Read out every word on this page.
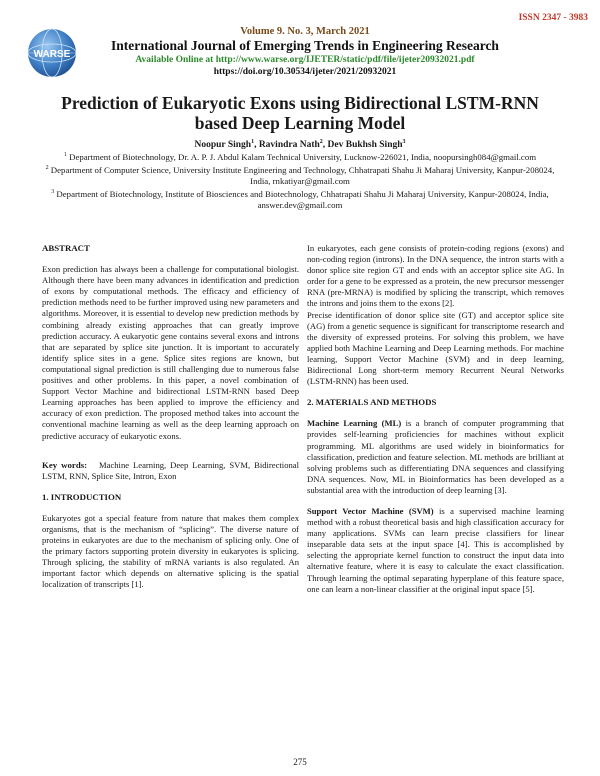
ISSN 2347 - 3983
WARSE
Volume 9. No. 3, March 2021
International Journal of Emerging Trends in Engineering Research
Available Online at http://www.warse.org/IJETER/static/pdf/file/ijeter20932021.pdf
https://doi.org/10.30534/ijeter/2021/20932021
Prediction of Eukaryotic Exons using Bidirectional LSTM-RNN
based Deep Learning Model
Noopur Singh$^1$, Ravindra Nath$^2$, Dev Bukhsh Singh$^3$

$^1$ Department of Biotechnology, Dr. A. P. J. Abdul Kalam Technical University, Lucknow-226021, India, noopursingh084@gmail.com

$^2$ Department of Computer Science, University Institute Engineering and Technology, Chhatrapati Shahu Ji Maharaj University, Kanpur-208024, India, rnkatiyar@gmail.com

$^3$ Department of Biotechnology, Institute of Biosciences and Biotechnology, Chhatrapati Shahu Ji Maharaj University, Kanpur-208024, India, answer.dev@gmail.com

ABSTRACT

Exon prediction has always been a challenge for computational biologist. Although there have been many advances in identification and prediction of exons by computational methods. The efficacy and efficiency of prediction methods need to be further improved using new parameters and algorithms. Moreover, it is essential to develop new prediction methods by combining already existing approaches that can greatly improve prediction accuracy. A eukaryotic gene contains several exons and introns that are separated by splice site junction. It is important to accurately identify splice sites in a gene. Splice sites regions are known, but computational signal prediction is still challenging due to numerous false positives and other problems. In this paper, a novel combination of Support Vector Machine and bidirectional LSTM-RNN based Deep Learning approaches has been applied to improve the efficiency and accuracy of exon prediction. The proposed method takes into account the conventional machine learning as well as the deep learning approach on predictive accuracy of eukaryotic exons.

Key words: Machine Learning, Deep Learning, SVM, Bidirectional LSTM, RNN, Splice Site, Intron, Exon

1. INTRODUCTION

Eukaryotes got a special feature from nature that makes them complex organisms, that is the mechanism of “splicing”. The diverse nature of proteins in eukaryotes are due to the mechanism of splicing only. One of the primary factors supporting protein diversity in eukaryotes is splicing. Through splicing, the stability of mRNA variants is also regulated. An important factor which depends on alternative splicing is the spatial localization of transcripts [1].

In eukaryotes, each gene consists of protein-coding regions (exons) and non-coding region (introns). In the DNA sequence, the intron starts with a donor splice site region GT and ends with an acceptor splice site AG. In order for a gene to be expressed as a protein, the new precursor messenger RNA (pre-MRNA) is modified by splicing the transcript, which removes the introns and joins them to the exons [2].

Precise identification of donor splice site (GT) and acceptor splice site (AG) from a genetic sequence is significant for transcriptome research and the diversity of expressed proteins. For solving this problem, we have applied both Machine Learning and Deep Learning methods. For machine learning, Support Vector Machine (SVM) and in deep learning, Bidirectional Long short-term memory Recurrent Neural Networks (LSTM-RNN) has been used.

2. MATERIALS AND METHODS

Machine Learning (ML) is a branch of computer programming that provides self-learning proficiencies for machines without explicit programming. ML algorithms are used widely in bioinformatics for classification, prediction and feature selection. ML methods are brilliant at solving problems such as differentiating DNA sequences and classifying DNA sequences. Now, ML in Bioinformatics has been developed as a substantial area with the introduction of deep learning [3].

Support Vector Machine (SVM) is a supervised machine learning method with a robust theoretical basis and high classification accuracy for many applications. SVMs can learn precise classifiers for linear inseparable data sets at the input space [4]. This is accomplished by selecting the appropriate kernel function to construct the input data into alternative feature, where it is easy to calculate the exact classification. Through learning the optimal separating hyperplane of this feature space, one can learn a non-linear classifier at the original input space [5].

275
